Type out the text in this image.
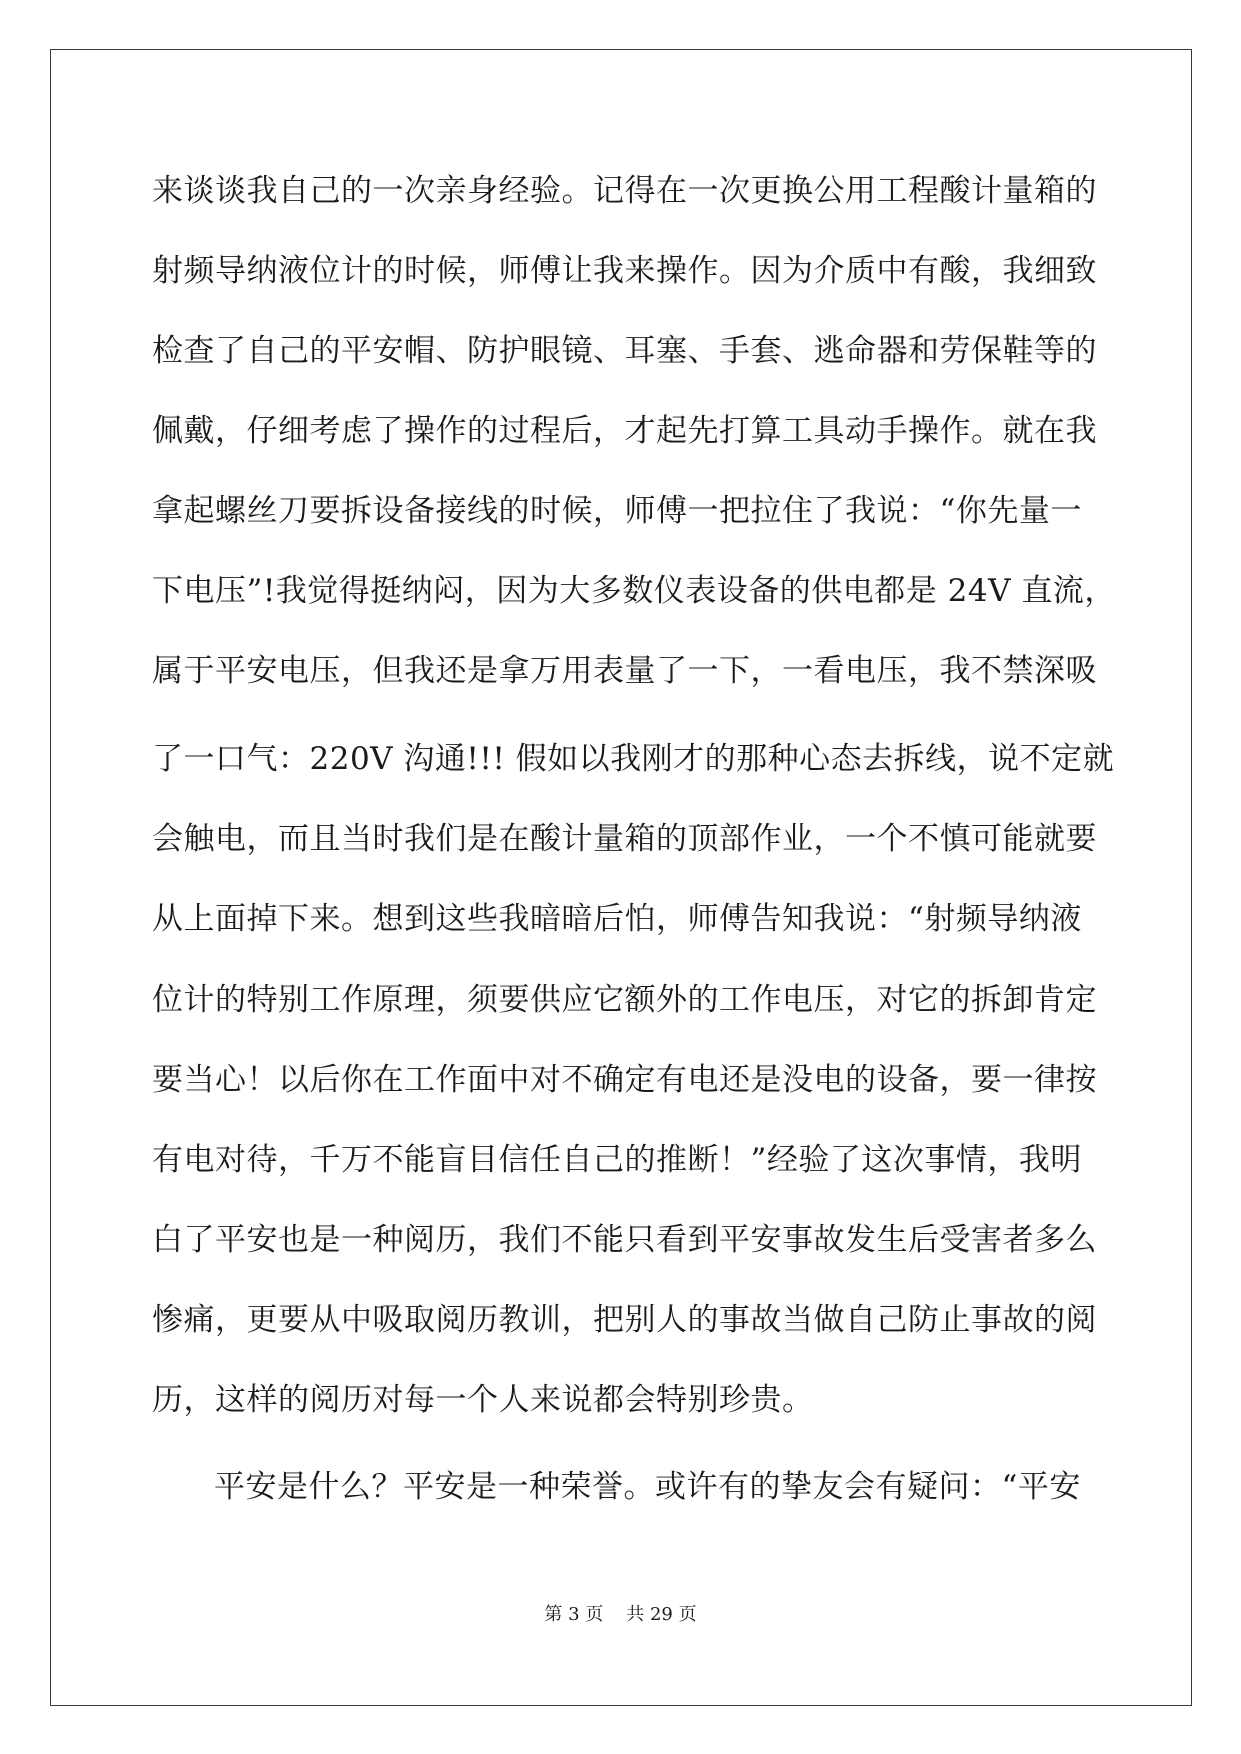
来谈谈我自己的一次亲身经验。记得在一次更换公用工程酸计量箱的
射频导纳液位计的时候，师傅让我来操作。因为介质中有酸，我细致
检查了自己的平安帽、防护眼镜、耳塞、手套、逃命器和劳保鞋等的
佩戴，仔细考虑了操作的过程后，才起先打算工具动手操作。就在我
拿起螺丝刀要拆设备接线的时候，师傅一把拉住了我说：“你先量一
下电压”!我觉得挺纳闷，因为大多数仪表设备的供电都是 24V 直流，
属于平安电压，但我还是拿万用表量了一下，一看电压，我不禁深吸
了一口气：220V 沟通!!! 假如以我刚才的那种心态去拆线，说不定就
会触电，而且当时我们是在酸计量箱的顶部作业，一个不慎可能就要
从上面掉下来。想到这些我暗暗后怕，师傅告知我说：“射频导纳液
位计的特别工作原理，须要供应它额外的工作电压，对它的拆卸肯定
要当心！以后你在工作面中对不确定有电还是没电的设备，要一律按
有电对待，千万不能盲目信任自己的推断！”经验了这次事情，我明
白了平安也是一种阅历，我们不能只看到平安事故发生后受害者多么
惨痛，更要从中吸取阅历教训，把别人的事故当做自己防止事故的阅
历，这样的阅历对每一个人来说都会特别珍贵。
平安是什么？平安是一种荣誉。或许有的挚友会有疑问：“平安
第 3 页 共 29 页
